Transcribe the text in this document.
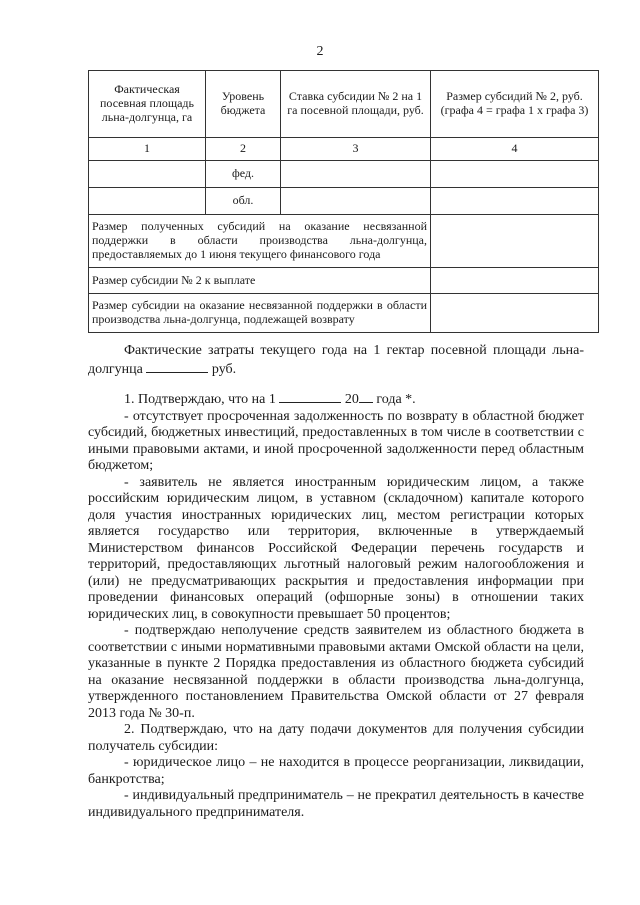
2
Фактическая посевная площадь льна-долгунца, га	Уровень бюджета	Ставка субсидии № 2 на 1 га посевной площади, руб.	Размер субсидий № 2, руб. (графа 4 = графа 1 х графа 3)
1	2	3	4
	фед.		
	обл.		
Размер полученных субсидий на оказание несвязанной поддержки в области производства льна-долгунца, предоставляемых до 1 июня текущего финансового года			
Размер субсидии № 2 к выплате			
Размер субсидии на оказание несвязанной поддержки в области производства льна-долгунца, подлежащей возврату			

Фактические затраты текущего года на 1 гектар посевной площади льна-долгунца	руб.

1. Подтверждаю, что на 1	20 года *.

- отсутствует просроченная задолженность по возврату в областной бюджет субсидий, бюджетных инвестиций, предоставленных в том числе в соответствии с иными правовыми актами, и иной просроченной задолженности перед областным бюджетом;

- заявитель не является иностранным юридическим лицом, а также российским юридическим лицом, в уставном (складочном) капитале которого доля участия иностранных юридических лиц, местом регистрации которых является государство или территория, включенные в утверждаемый Министерством финансов Российской Федерации перечень государств и территорий, предоставляющих льготный налоговый режим налогообложения и (или) не предусматривающих раскрытия и предоставления информации при проведении финансовых операций (офшорные зоны) в отношении таких юридических лиц, в совокупности превышает 50 процентов;

- подтверждаю неполучение средств заявителем из областного бюджета в соответствии с иными нормативными правовыми актами Омской области на цели, указанные в пункте 2 Порядка предоставления из областного бюджета субсидий на оказание несвязанной поддержки в области производства льна-долгунца, утвержденного постановлением Правительства Омской области от 27 февраля 2013 года № 30-п.

2. Подтверждаю, что на дату подачи документов для получения субсидии получатель субсидии:

- юридическое лицо – не находится в процессе реорганизации, ликвидации, банкротства;

- индивидуальный предприниматель – не прекратил деятельность в качестве индивидуального предпринимателя.
